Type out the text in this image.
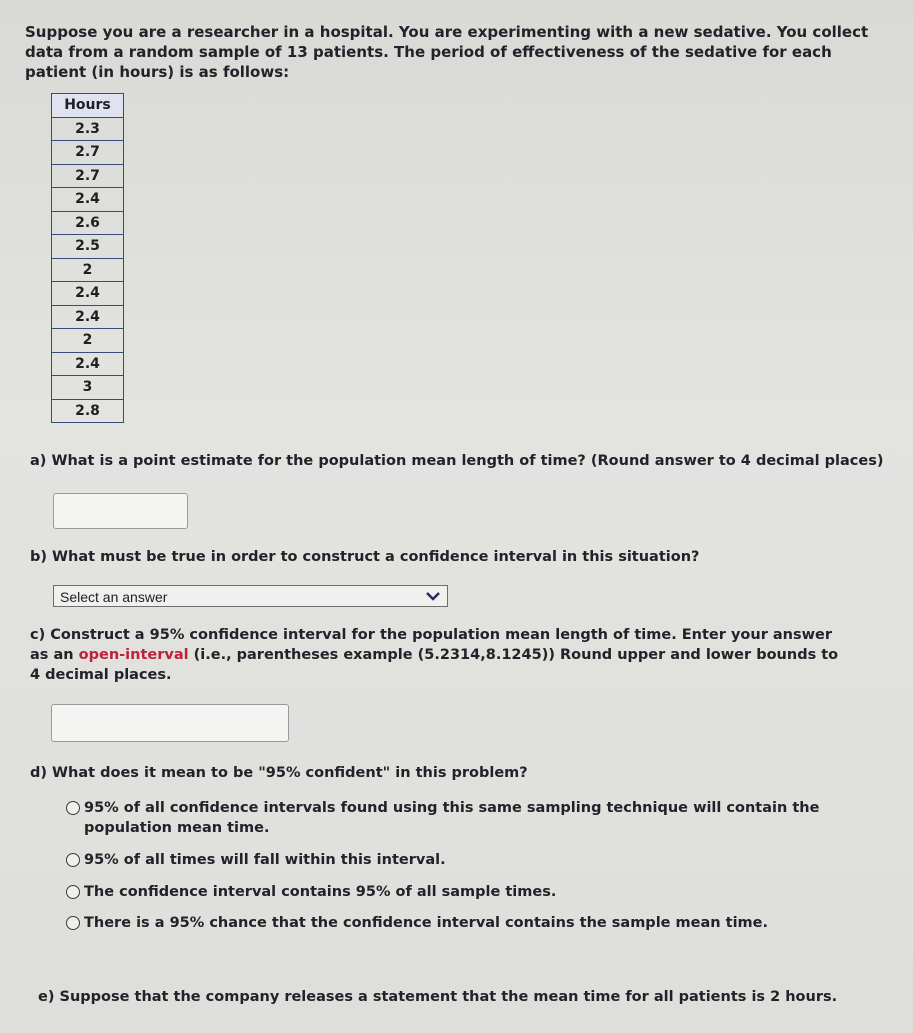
Suppose you are a researcher in a hospital. You are experimenting with a new sedative. You collect data from a random sample of 13 patients. The period of effectiveness of the sedative for each patient (in hours) is as follows:
Hours
2.3
2.7
2.7
2.4
2.6
2.5
2
2.4
2.4
2
2.4
3
2.8
a) What is a point estimate for the population mean length of time? (Round answer to 4 decimal places)
b) What must be true in order to construct a confidence interval in this situation?
Select an answer
c) Construct a 95% confidence interval for the population mean length of time. Enter your answer as an open-interval (i.e., parentheses example (5.2314,8.1245)) Round upper and lower bounds to 4 decimal places.
d) What does it mean to be "95% confident" in this problem?
95% of all confidence intervals found using this same sampling technique will contain the population mean time.
95% of all times will fall within this interval.
The confidence interval contains 95% of all sample times.
There is a 95% chance that the confidence interval contains the sample mean time.
e) Suppose that the company releases a statement that the mean time for all patients is 2 hours.
